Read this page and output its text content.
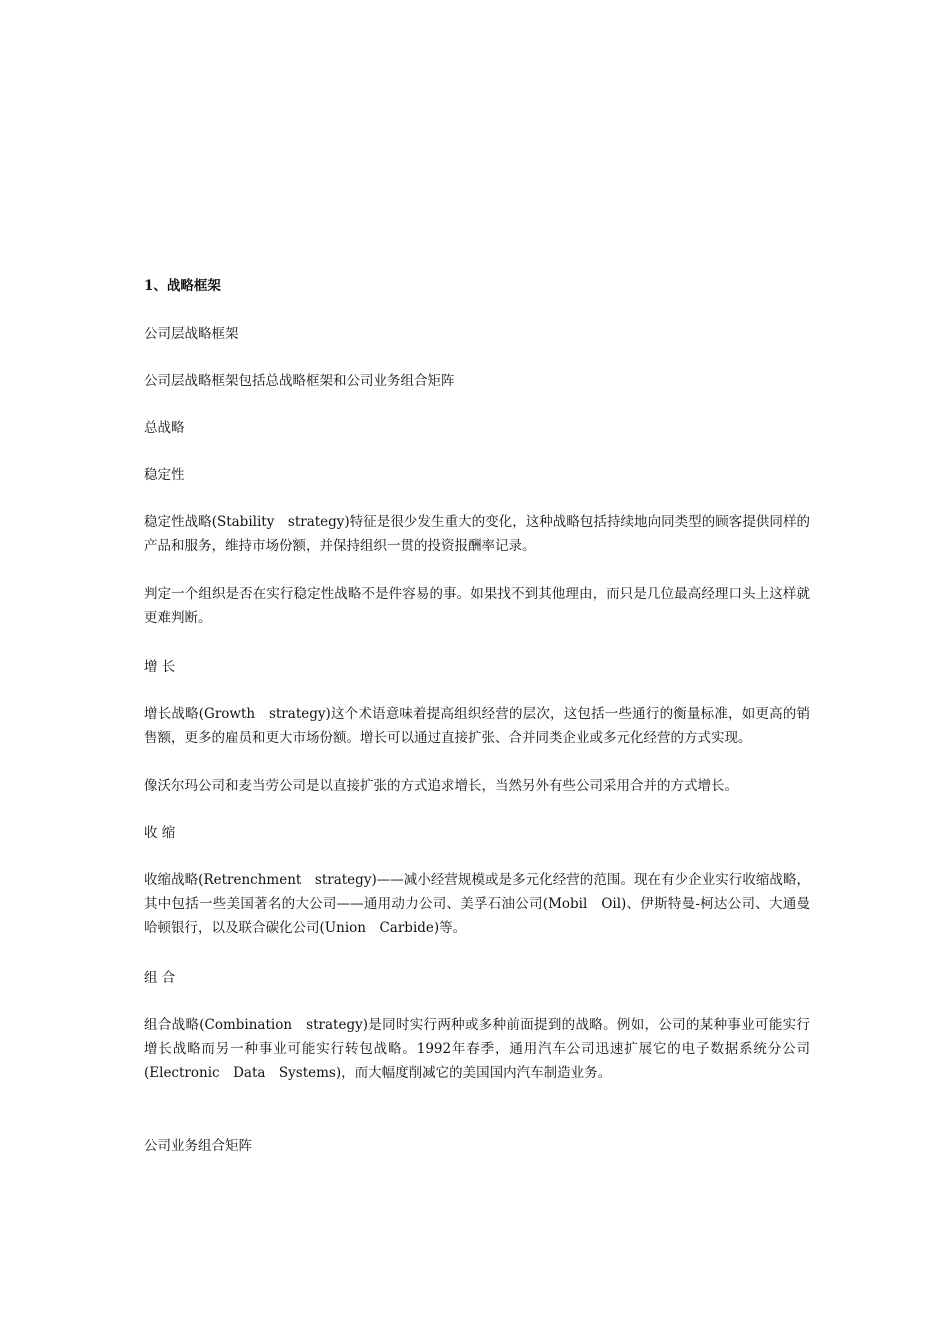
1、战略框架

公司层战略框架

公司层战略框架包括总战略框架和公司业务组合矩阵

总战略

稳定性

稳定性战略(Stability　strategy)特征是很少发生重大的变化，这种战略包括持续地向同类型的顾客提供同样的产品和服务，维持市场份额，并保持组织一贯的投资报酬率记录。

判定一个组织是否在实行稳定性战略不是件容易的事。如果找不到其他理由，而只是几位最高经理口头上这样就更难判断。

增 长

增长战略(Growth　strategy)这个术语意味着提高组织经营的层次，这包括一些通行的衡量标准，如更高的销售额，更多的雇员和更大市场份额。增长可以通过直接扩张、合并同类企业或多元化经营的方式实现。

像沃尔玛公司和麦当劳公司是以直接扩张的方式追求增长，当然另外有些公司采用合并的方式增长。

收 缩

收缩战略(Retrenchment　strategy)——减小经营规模或是多元化经营的范围。现在有少企业实行收缩战略，其中包括一些美国著名的大公司——通用动力公司、美孚石油公司(Mobil　Oil)、伊斯特曼-柯达公司、大通曼哈顿银行，以及联合碳化公司(Union　Carbide)等。

组 合

组合战略(Combination　strategy)是同时实行两种或多种前面提到的战略。例如，公司的某种事业可能实行增长战略而另一种事业可能实行转包战略。1992年春季，通用汽车公司迅速扩展它的电子数据系统分公司(Electronic　Data　Systems)，而大幅度削减它的美国国内汽车制造业务。

公司业务组合矩阵
